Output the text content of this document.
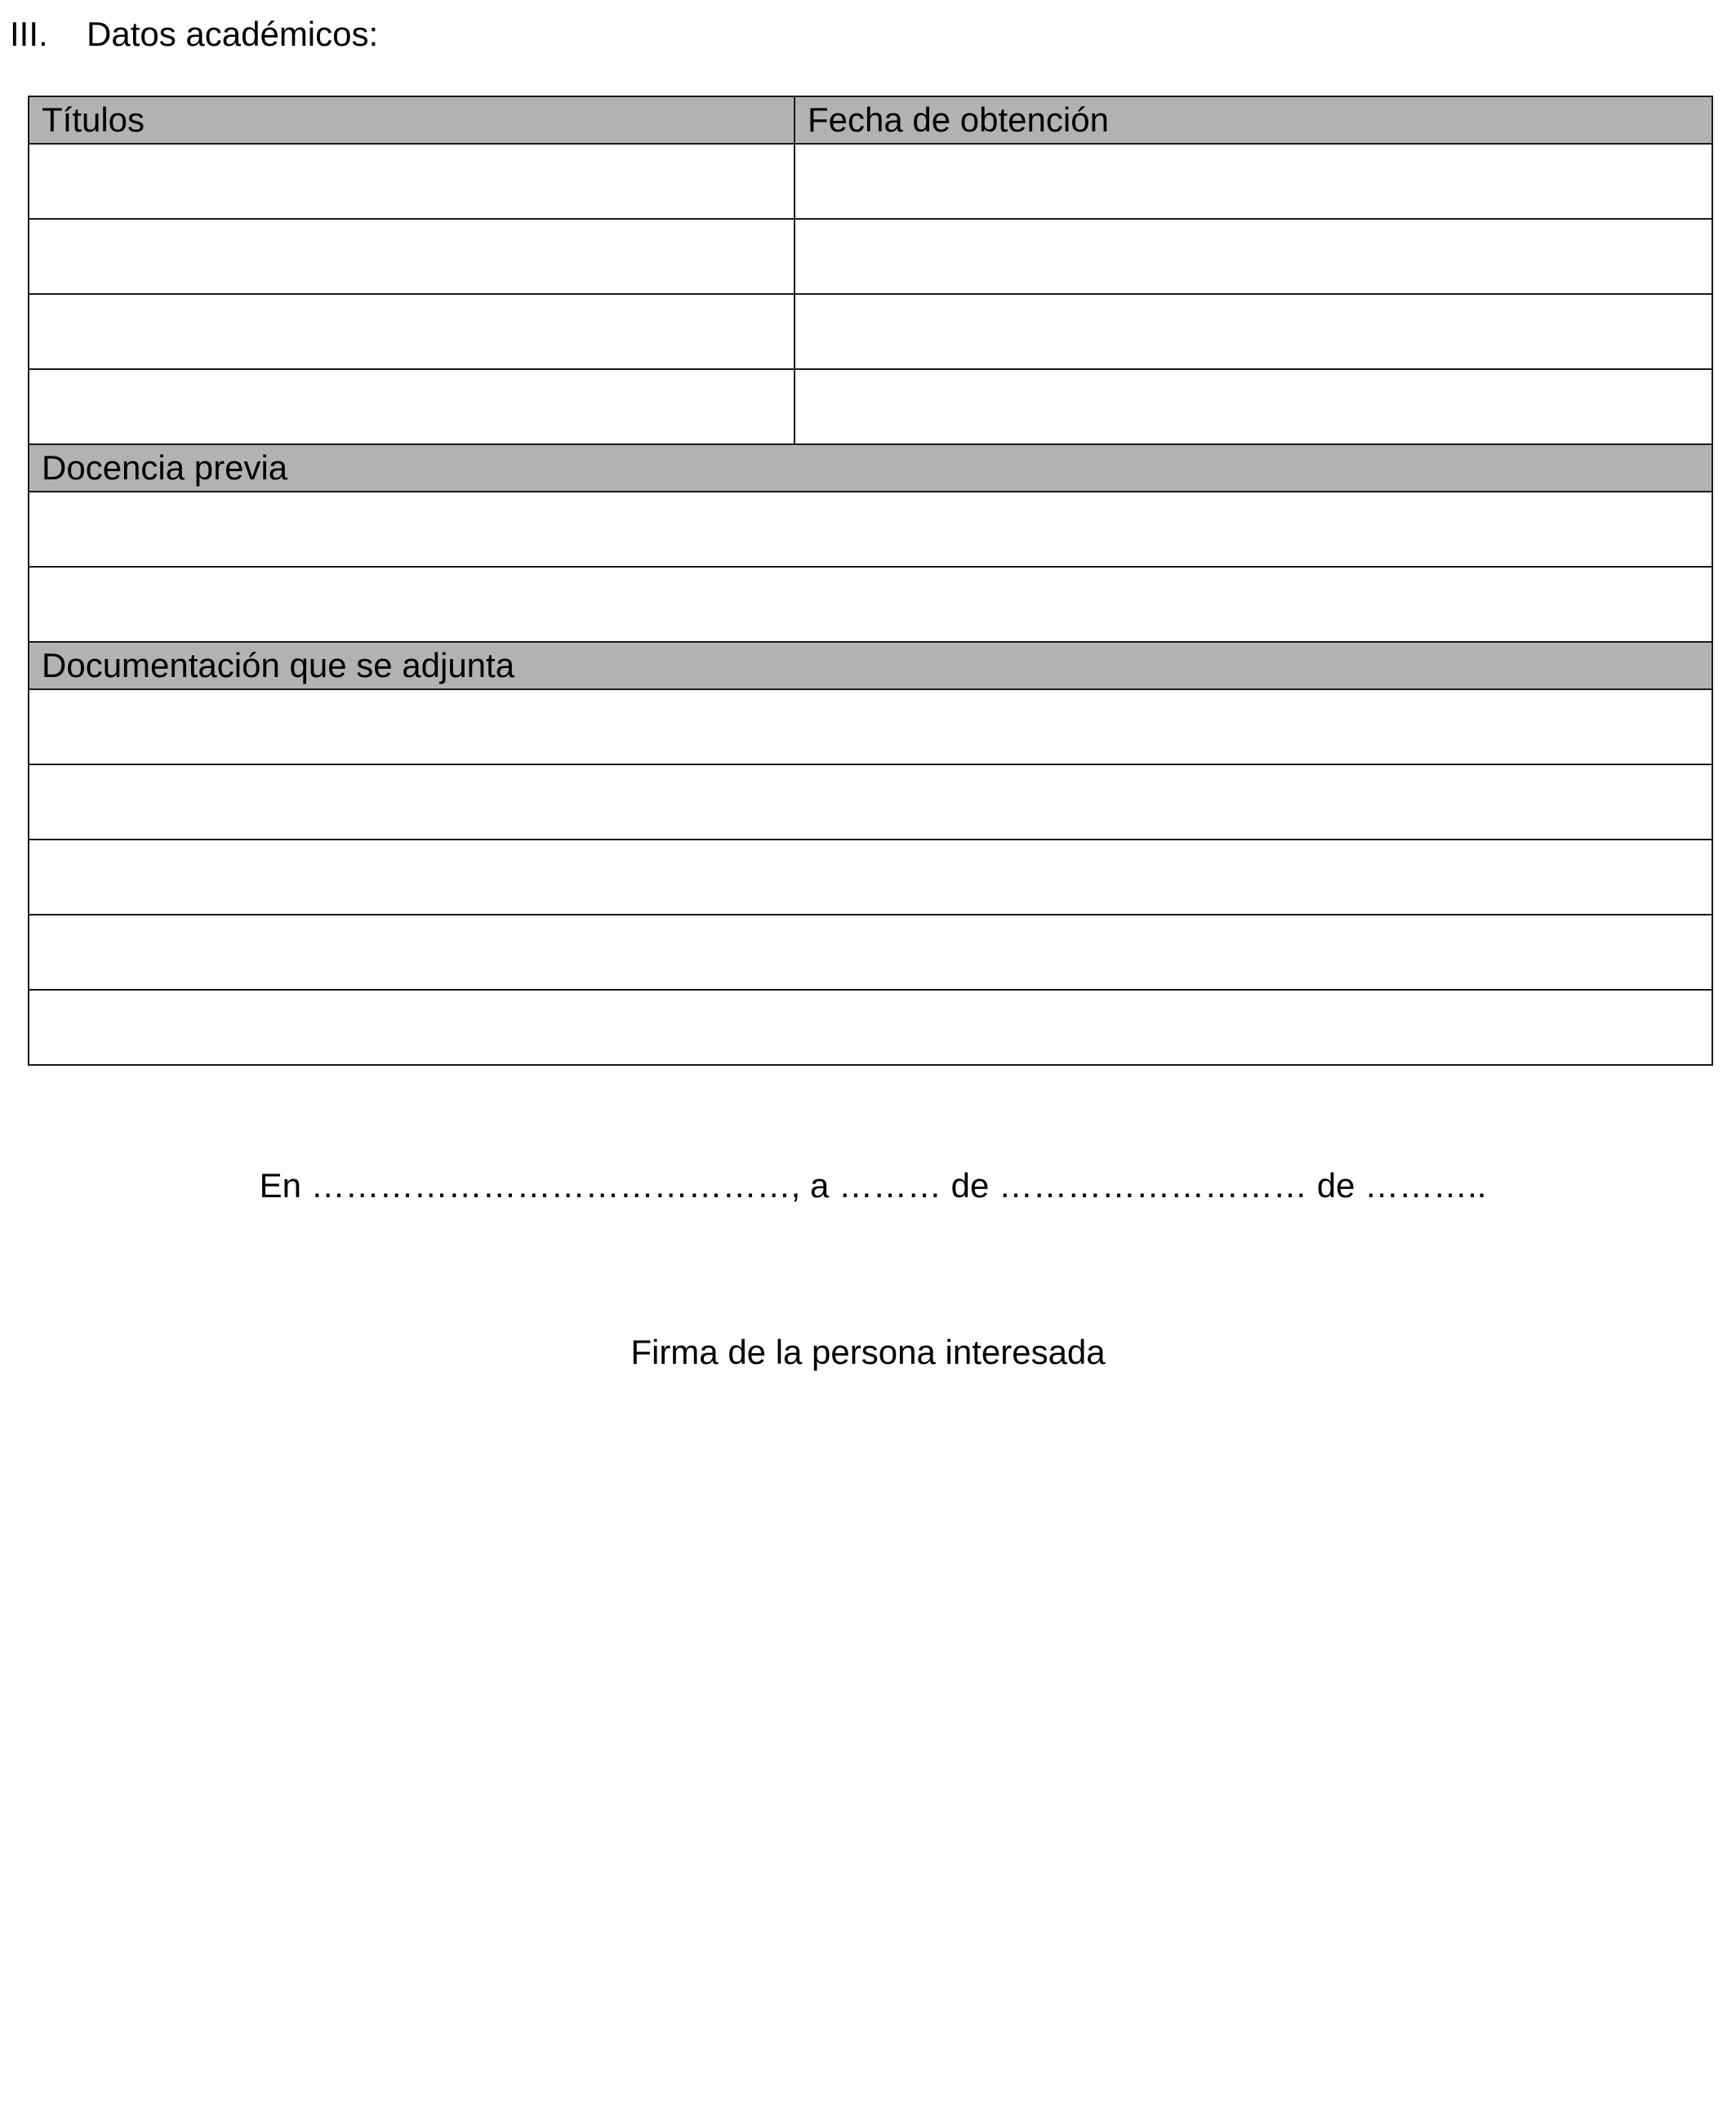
III. Datos académicos:
Títulos	Fecha de obtención

Docencia previa	

Documentación que se adjunta	

En ……………………………………, a ……… de ……………………… de ………..
Firma de la persona interesada
